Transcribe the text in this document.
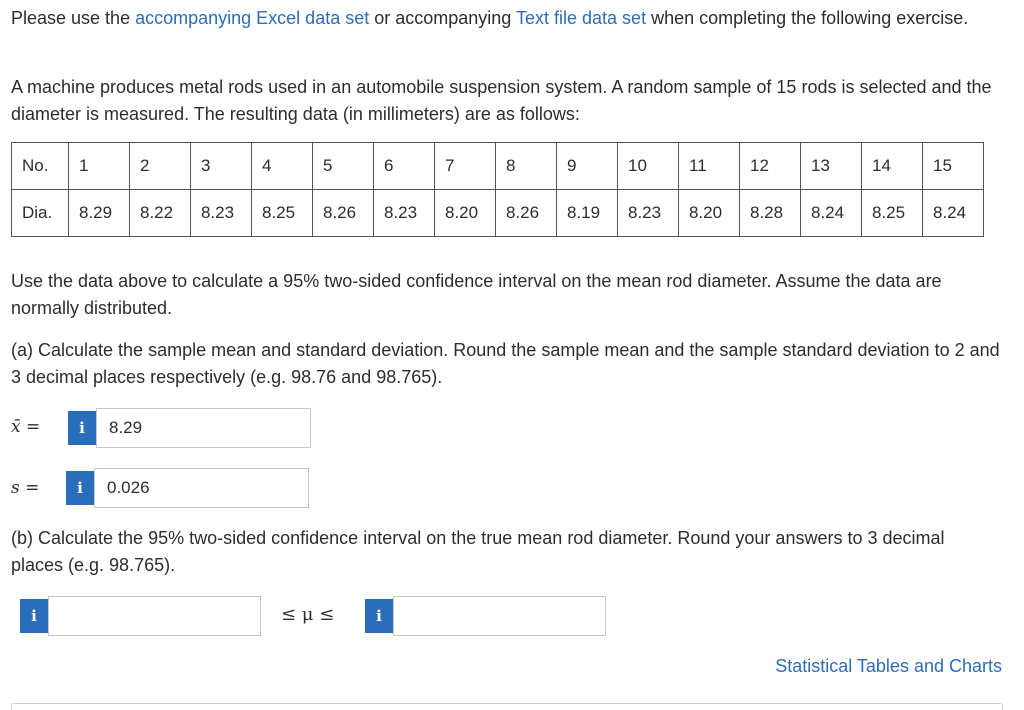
Please use the accompanying Excel data set or accompanying Text file data set when completing the following exercise.

A machine produces metal rods used in an automobile suspension system. A random sample of 15 rods is selected and the diameter is measured. The resulting data (in millimeters) are as follows:

No.	1	2	3	4	5	6	7	8	9	10	11	12	13	14	15
Dia.	8.29	8.22	8.23	8.25	8.26	8.23	8.20	8.26	8.19	8.23	8.20	8.28	8.24	8.25	8.24

Use the data above to calculate a 95% two-sided confidence interval on the mean rod diameter. Assume the data are normally distributed.

(a) Calculate the sample mean and standard deviation. Round the sample mean and the sample standard deviation to 2 and 3 decimal places respectively (e.g. 98.76 and 98.765).

x̄ =	i
8.29
s =	i
0.026

(b) Calculate the 95% two-sided confidence interval on the true mean rod diameter. Round your answers to 3 decimal places (e.g. 98.765).

i	≤ μ ≤	i
Statistical Tables and Charts
